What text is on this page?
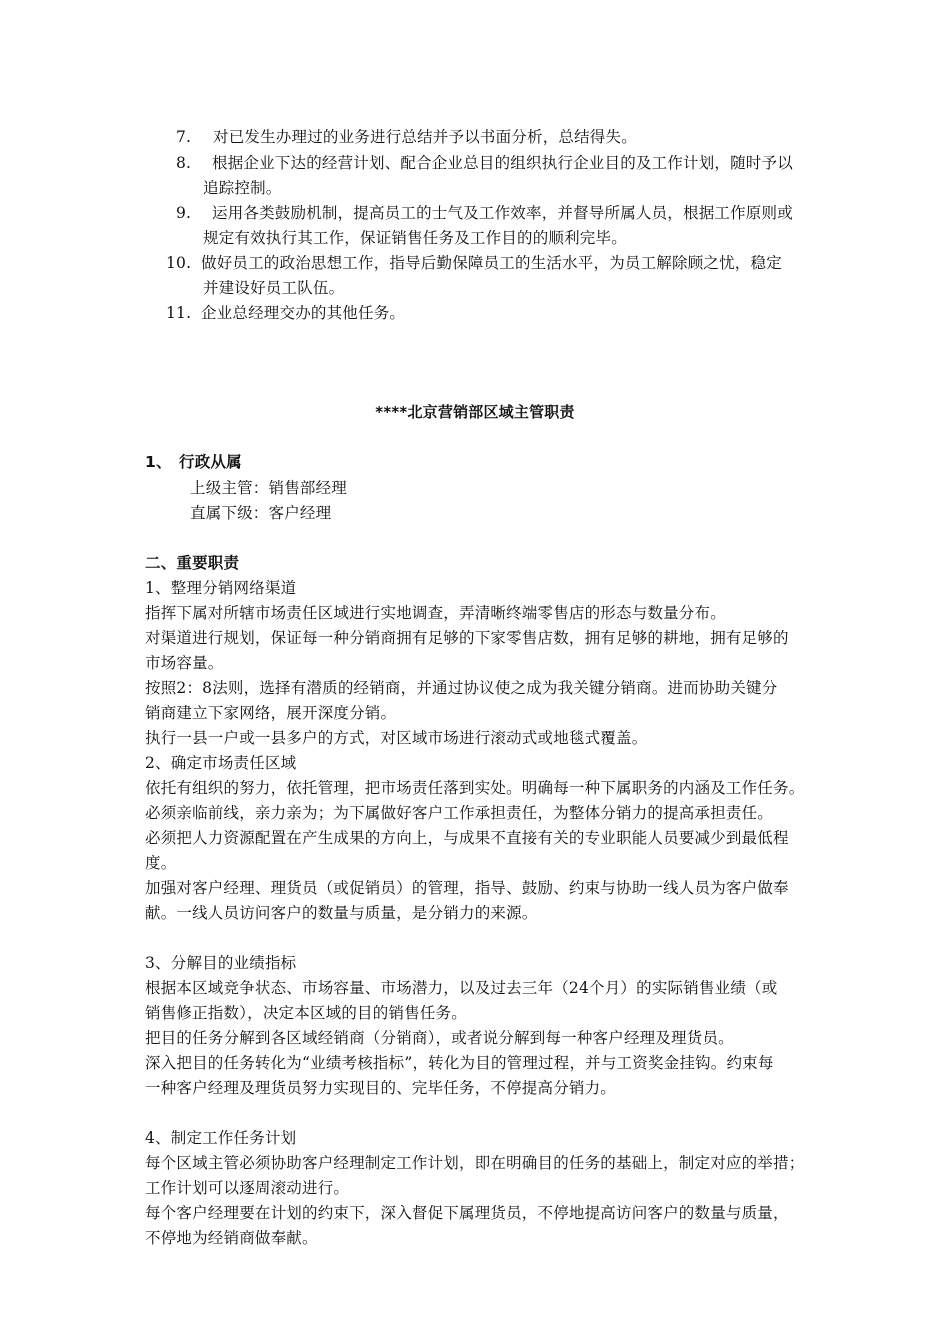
7. 对已发生办理过的业务进行总结并予以书面分析，总结得失。
8. 根据企业下达的经营计划、配合企业总目的组织执行企业目的及工作计划，随时予以
追踪控制。
9. 运用各类鼓励机制，提高员工的士气及工作效率，并督导所属人员，根据工作原则或
规定有效执行其工作，保证销售任务及工作目的的顺利完毕。
10. 做好员工的政治思想工作，指导后勤保障员工的生活水平，为员工解除顾之忧，稳定
并建设好员工队伍。
11. 企业总经理交办的其他任务。
****北京营销部区域主管职责
1、 行政从属
上级主管：销售部经理
直属下级：客户经理
二、重要职责
1、整理分销网络渠道
指挥下属对所辖市场责任区域进行实地调查，弄清晰终端零售店的形态与数量分布。
对渠道进行规划，保证每一种分销商拥有足够的下家零售店数，拥有足够的耕地，拥有足够的
市场容量。
按照2：8法则，选择有潜质的经销商，并通过协议使之成为我关键分销商。进而协助关键分
销商建立下家网络，展开深度分销。
执行一县一户或一县多户的方式，对区域市场进行滚动式或地毯式覆盖。
2、确定市场责任区域
依托有组织的努力，依托管理，把市场责任落到实处。明确每一种下属职务的内涵及工作任务。
必须亲临前线，亲力亲为；为下属做好客户工作承担责任，为整体分销力的提高承担责任。
必须把人力资源配置在产生成果的方向上，与成果不直接有关的专业职能人员要减少到最低程
度。
加强对客户经理、理货员（或促销员）的管理，指导、鼓励、约束与协助一线人员为客户做奉
献。一线人员访问客户的数量与质量，是分销力的来源。
3、分解目的业绩指标
根据本区域竞争状态、市场容量、市场潜力，以及过去三年（24个月）的实际销售业绩（或
销售修正指数），决定本区域的目的销售任务。
把目的任务分解到各区域经销商（分销商），或者说分解到每一种客户经理及理货员。
深入把目的任务转化为“业绩考核指标”，转化为目的管理过程，并与工资奖金挂钩。约束每
一种客户经理及理货员努力实现目的、完毕任务，不停提高分销力。
4、制定工作任务计划
每个区域主管必须协助客户经理制定工作计划，即在明确目的任务的基础上，制定对应的举措；
工作计划可以逐周滚动进行。
每个客户经理要在计划的约束下，深入督促下属理货员，不停地提高访问客户的数量与质量，
不停地为经销商做奉献。
